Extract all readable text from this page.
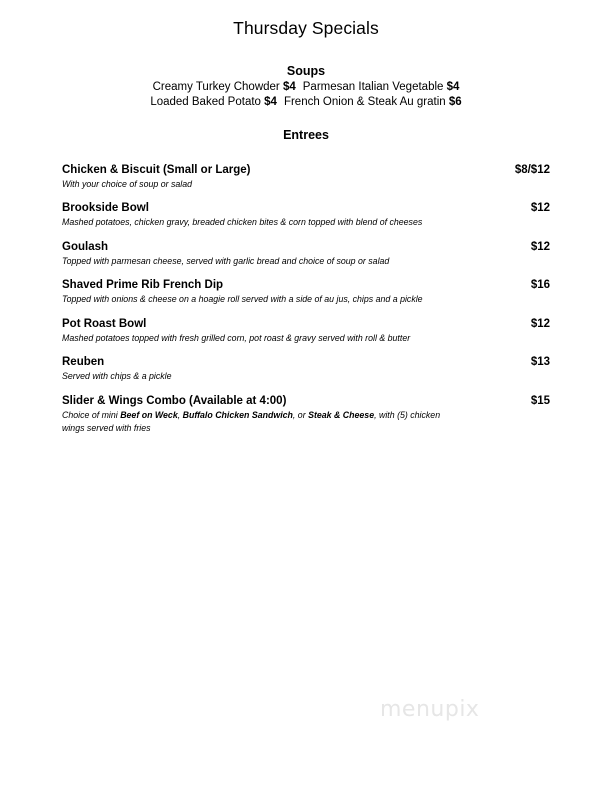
Thursday Specials
Soups
Creamy Turkey Chowder $4 Parmesan Italian Vegetable $4
Loaded Baked Potato $4 French Onion & Steak Au gratin $6
Entrees
Chicken & Biscuit (Small or Large)	$8/$12
With your choice of soup or salad
Brookside Bowl	$12
Mashed potatoes, chicken gravy, breaded chicken bites & corn topped with blend of cheeses
Goulash	$12
Topped with parmesan cheese, served with garlic bread and choice of soup or salad
Shaved Prime Rib French Dip	$16
Topped with onions & cheese on a hoagie roll served with a side of au jus, chips and a pickle
Pot Roast Bowl	$12
Mashed potatoes topped with fresh grilled corn, pot roast & gravy served with roll & butter
Reuben	$13
Served with chips & a pickle
Slider & Wings Combo (Available at 4:00)	$15
Choice of mini Beef on Weck, Buffalo Chicken Sandwich, or Steak & Cheese, with (5) chicken wings served with fries
menupix
